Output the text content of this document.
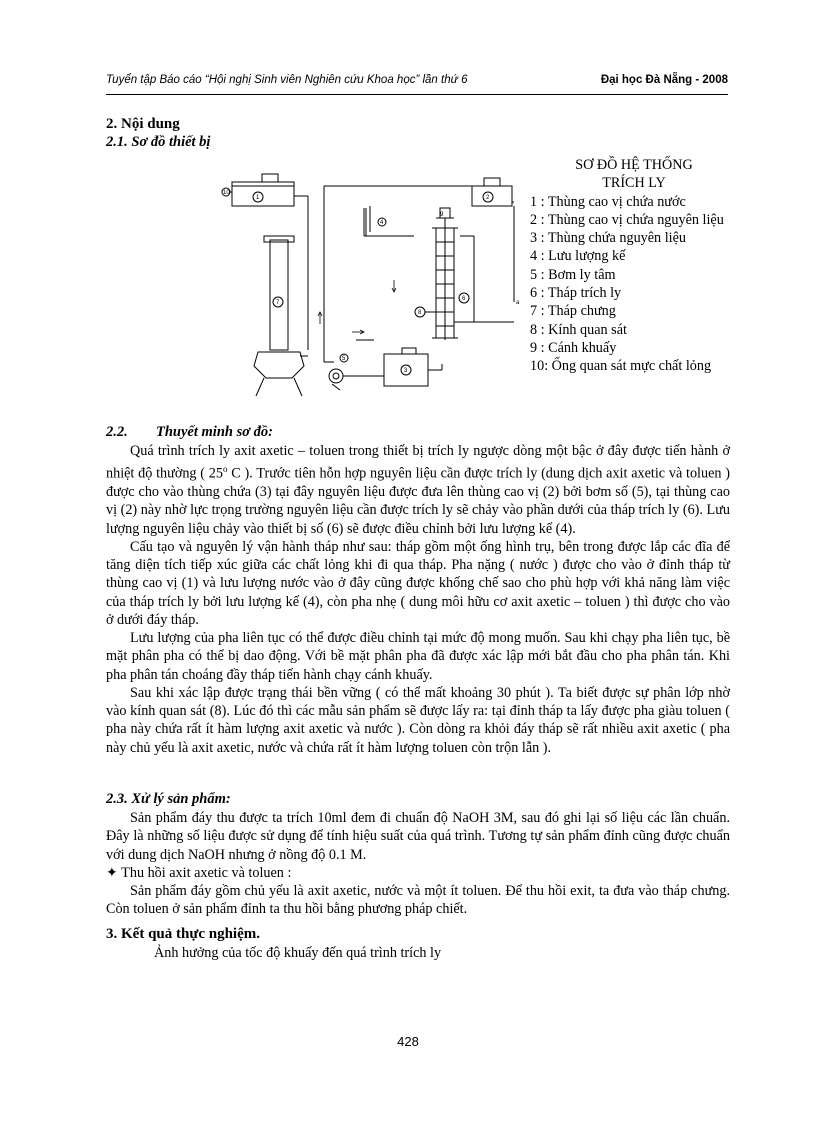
Tuyển tập Báo cáo “Hội nghị Sinh viên Nghiên cứu Khoa học” lần thứ 6	Đại học Đà Nẵng - 2008
2. Nội dung
2.1. Sơ đồ thiết bị
10
1	2
3
4
5
6
7
8
9
a
SƠ ĐỒ HỆ THỐNG
TRÍCH LY
1 : Thùng cao vị chứa nước
2 : Thùng cao vị chứa nguyên liệu
3 : Thùng chứa nguyên liệu
4 : Lưu lượng kế
5 : Bơm ly tâm
6 : Tháp trích ly
7 : Tháp chưng
8 : Kính quan sát
9 : Cánh khuấy
10: Ống quan sát mực chất lỏng
2.2. Thuyết minh sơ đồ:

Quá trình trích ly axit axetic – toluen trong thiết bị trích ly ngược dòng một bậc ở đây được tiến hành ở nhiệt độ thường ( 25$^o$ C ). Trước tiên hỗn hợp nguyên liệu cần được trích ly (dung dịch axit axetic và toluen ) được cho vào thùng chứa (3) tại đây nguyên liệu được đưa lên thùng cao vị (2) bởi bơm số (5), tại thùng cao vị (2) này nhờ lực trọng trường nguyên liệu cần được trích ly sẽ chảy vào phần dưới của tháp trích ly (6). Lưu lượng nguyên liệu chảy vào thiết bị số (6) sẽ được điều chỉnh bởi lưu lượng kế (4).

Cấu tạo và nguyên lý vận hành tháp như sau: tháp gồm một ống hình trụ, bên trong được lắp các đĩa để tăng diện tích tiếp xúc giữa các chất lỏng khi đi qua tháp. Pha nặng ( nước ) được cho vào ở đỉnh tháp từ thùng cao vị (1) và lưu lượng nước vào ở đây cũng được khống chế sao cho phù hợp với khả năng làm việc của tháp trích ly bởi lưu lượng kế (4), còn pha nhẹ ( dung môi hữu cơ axit axetic – toluen ) thì được cho vào ở dưới đáy tháp.

Lưu lượng của pha liên tục có thể được điều chỉnh tại mức độ mong muốn. Sau khi chạy pha liên tục, bề mặt phân pha có thể bị dao động. Với bề mặt phân pha đã được xác lập mới bắt đầu cho pha phân tán. Khi pha phân tán choáng đầy tháp tiến hành chạy cánh khuấy.

Sau khi xác lập được trạng thái bền vững ( có thể mất khoảng 30 phút ). Ta biết được sự phân lớp nhờ vào kính quan sát (8). Lúc đó thì các mẫu sản phẩm sẽ được lấy ra: tại đỉnh tháp ta lấy được pha giàu toluen ( pha này chứa rất ít hàm lượng axit axetic và nước ). Còn dòng ra khỏi đáy tháp sẽ rất nhiều axit axetic ( pha này chủ yếu là axit axetic, nước và chứa rất ít hàm lượng toluen còn trộn lẫn ).

2.3. Xử lý sản phẩm:

Sản phẩm đáy thu được ta trích 10ml đem đi chuẩn độ NaOH 3M, sau đó ghi lại số liệu các lần chuẩn. Đây là những số liệu được sử dụng để tính hiệu suất của quá trình. Tương tự sản phẩm đỉnh cũng được chuẩn với dung dịch NaOH nhưng ở nồng độ 0.1 M.

✦ Thu hồi axit axetic và toluen :

Sản phẩm đáy gồm chủ yếu là axit axetic, nước và một ít toluen. Để thu hồi exit, ta đưa vào tháp chưng. Còn toluen ở sản phẩm đỉnh ta thu hồi bằng phương pháp chiết.

3. Kết quả thực nghiệm.

Ảnh hưởng của tốc độ khuấy đến quá trình trích ly

428
